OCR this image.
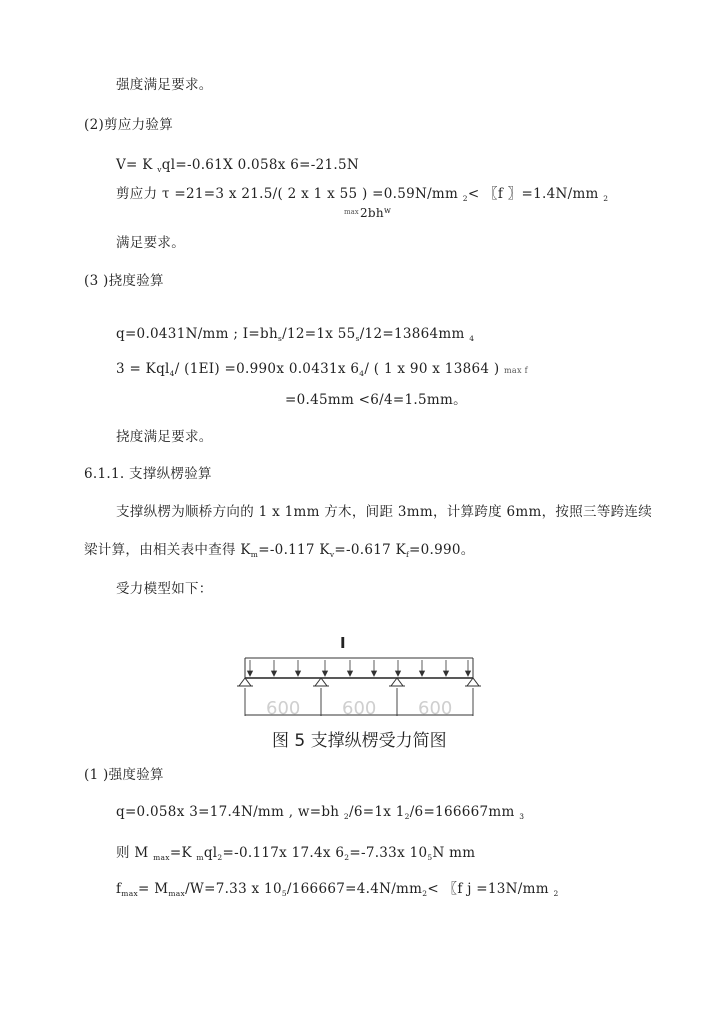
强度满足要求。
(2)剪应力验算
V= K $_v$ql=-0.61X 0.058x 6=-21.5N
剪应力 τ =21=3 x 21.5/( 2 x 1 x 55 ) =0.59N/mm $_2$< 〖f 〗=1.4N/mm $_2$
$\max 2bh^w$
满足要求。
(3 )挠度验算
q=0.0431N/mm ; $I=bh_s/12=1x$ $55_s/12=13864mm$ $_4$
3 = Kql$_4$/ (1EI) =0.990x 0.0431x $6_4/$ ( 1 x 90 x 13864 ) max f
=0.45mm <6/4=1.5mm。
挠度满足要求。
6.1.1. 支撑纵楞验算
支撑纵楞为顺桥方向的 1 x 1mm 方木，间距 3mm，计算跨度 6mm，按照三等跨连续
梁计算，由相关表中查得 $K_m=-0.117$ $K_v=-0.617$ $K_f=0.990$。
受力模型如下：
I
600 600 600
图 5 支撑纵楞受力简图
(1 )强度验算
q=0.058x 3=17.4N/mm , w=bh $_2$/6=1x $1_2/6=166667mm$ $_3$
则 M $_{max}$=K $_mql_2=-0.117x$ 17.4x $6_2=-7.33x$ $10_5N$ mm
$f_{max}= M_{max}/W=7.33$ x $10_5/166667=4.4N/mm_2<$ 〖f j =13N/mm $_2$
